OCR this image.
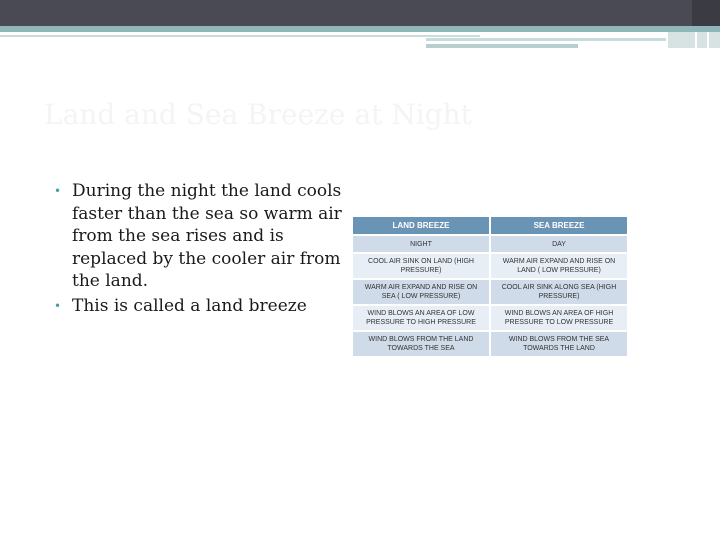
Land and Sea Breeze at Night
• During the night the land cools faster than the sea so warm air from the sea rises and is replaced by the cooler air from the land.
• This is called a land breeze
LAND BREEZE	SEA BREEZE
NIGHT	DAY
COOL AIR SINK ON LAND (HIGH PRESSURE)	WARM AIR EXPAND AND RISE ON LAND ( LOW PRESSURE)
WARM AIR EXPAND AND RISE ON SEA ( LOW PRESSURE)	COOL AIR SINK ALONG SEA (HIGH PRESSURE)
WIND BLOWS AN AREA OF LOW PRESSURE TO HIGH PRESSURE	WIND BLOWS AN AREA OF HIGH PRESSURE TO LOW PRESSURE
WIND BLOWS FROM THE LAND TOWARDS THE SEA	WIND BLOWS FROM THE SEA TOWARDS THE LAND
